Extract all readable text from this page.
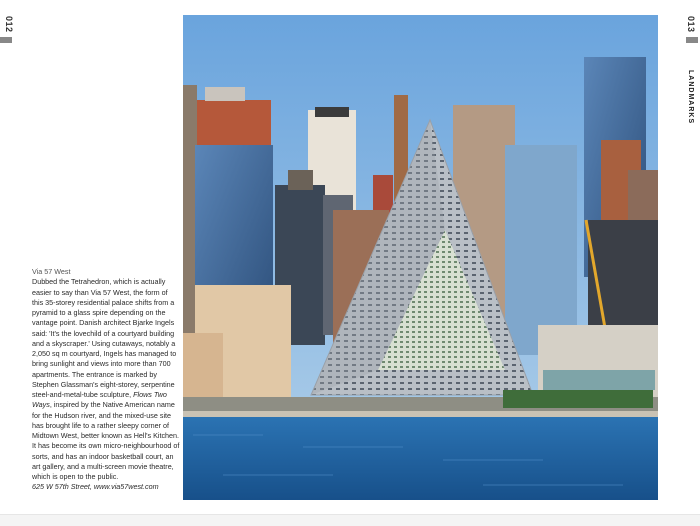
012	013
LANDMARKS
Via 57 West
Dubbed the Tetrahedron, which is actually easier to say than Via 57 West, the form of this 35-storey residential palace shifts from a pyramid to a glass spire depending on the vantage point. Danish architect Bjarke Ingels said: 'It's the lovechild of a courtyard building and a skyscraper.' Using cutaways, notably a 2,050 sq m courtyard, Ingels has managed to bring sunlight and views into more than 700 apartments. The entrance is marked by Stephen Glassman's eight-storey, serpentine steel-and-metal-tube sculpture, Flows Two Ways, inspired by the Native American name for the Hudson river, and the mixed-use site has brought life to a rather sleepy corner of Midtown West, better known as Hell's Kitchen. It has become its own micro-neighbourhood of sorts, and has an indoor basketball court, an art gallery, and a multi-screen movie theatre, which is open to the public.
625 W 57th Street, www.via57west.com
